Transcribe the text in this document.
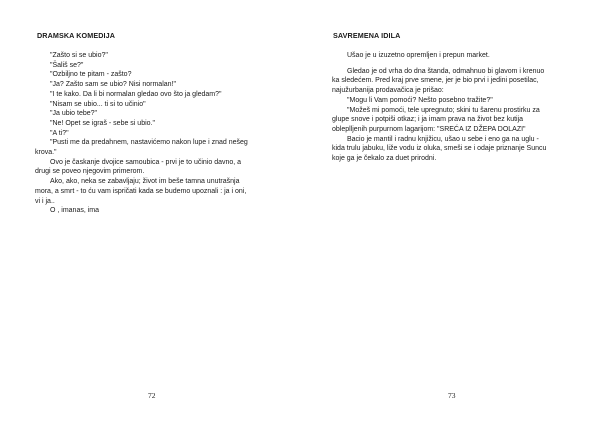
DRAMSKA KOMEDIJA
"Zašto si se ubio?"
"Šališ se?"
"Ozbiljno te pitam - zašto?
"Ja? Zašto sam se ubio? Nisi normalan!"
"I te kako. Da li bi normalan gledao ovo što ja gledam?"
"Nisam se ubio... ti si to učinio"
"Ja ubio tebe?"
"Ne! Opet se igraš - sebe si ubio."
"A ti?"
"Pusti me da predahnem, nastavićemo nakon lupe i znad nešeg
krova."
Ovo je časkanje dvojice samoubica - prvi je to učinio davno, a
drugi se poveo njegovim primerom.
Ako, ako, neka se zabavljaju; život im beše tamna unutrašnja
mora, a smrt - to ću vam ispričati kada se budemo upoznali : ja i oni,
vi i ja..
O , imanas, ima
72
SAVREMENA IDILA
Ušao je u izuzetno opremljen i prepun market.
Gledao je od vrha do dna štanda, odmahnuo bi glavom i krenuo
ka sledećem. Pred kraj prve smene, jer je bio prvi i jedini posetilac,
najužurbanija prodavačica je prišao:
"Mogu li Vam pomoći? Nešto posebno tražite?"
"Možeš mi pomoći, tele upregnuto; skini tu šarenu prostirku za
glupe snove i potpiši otkaz; i ja imam prava na život bez kutija
obleplljenih purpurnom lagarijom: "SREĆA IZ DŽEPA DOLAZI"
Bacio je mantil i radnu knjižicu, ušao u sebe i eno ga na uglu -
kida trulu jabuku, liže vodu iz oluka, smeši se i odaje priznanje Suncu
koje ga je čekalo za duet prirodni.
73
